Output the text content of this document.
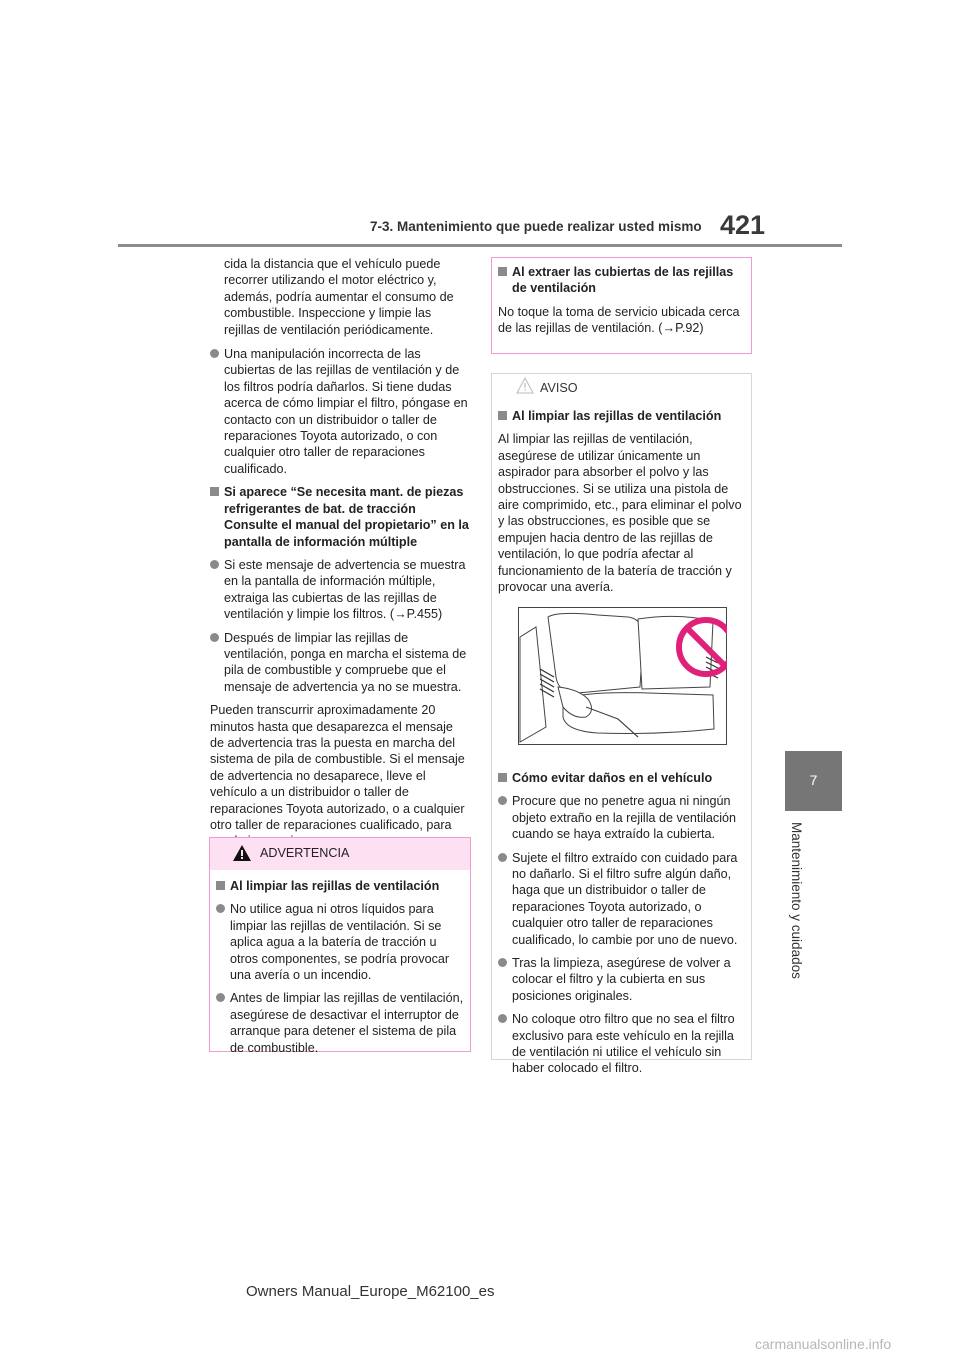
7-3. Mantenimiento que puede realizar usted mismo 421
7
Mantenimiento y cuidados

cida la distancia que el vehículo puede recorrer utilizando el motor eléctrico y, además, podría aumentar el consumo de combustible. Inspeccione y limpie las rejillas de ventilación periódicamente.

Una manipulación incorrecta de las cubiertas de las rejillas de ventilación y de los filtros podría dañarlos. Si tiene dudas acerca de cómo limpiar el filtro, póngase en contacto con un distribuidor o taller de reparaciones Toyota autorizado, o con cualquier otro taller de reparaciones cualificado.
Si aparece “Se necesita mant. de piezas refrigerantes de bat. de tracción Consulte el manual del propietario” en la pantalla de información múltiple
Si este mensaje de advertencia se muestra en la pantalla de información múltiple, extraiga las cubiertas de las rejillas de ventilación y limpie los filtros. (→P.455)
Después de limpiar las rejillas de ventilación, ponga en marcha el sistema de pila de combustible y compruebe que el mensaje de advertencia ya no se muestra.

Pueden transcurrir aproximadamente 20 minutos hasta que desaparezca el mensaje de advertencia tras la puesta en marcha del sistema de pila de combustible. Si el mensaje de advertencia no desaparece, lleve el vehículo a un distribuidor o taller de reparaciones Toyota autorizado, o a cualquier otro taller de reparaciones cualificado, para

ADVERTENCIA
Al limpiar las rejillas de ventilación
No utilice agua ni otros líquidos para limpiar las rejillas de ventilación. Si se aplica agua a la batería de tracción u otros componentes, se podría provocar una avería o un incendio.
Antes de limpiar las rejillas de ventilación, asegúrese de desactivar el interruptor de arranque para detener el sistema de pila de combustible.
Al extraer las cubiertas de las rejillas de ventilación

No toque la toma de servicio ubicada cerca de las rejillas de ventilación. (→P.92)

AVISO
Al limpiar las rejillas de ventilación

Al limpiar las rejillas de ventilación, asegúrese de utilizar únicamente un aspirador para absorber el polvo y las obstrucciones. Si se utiliza una pistola de aire comprimido, etc., para eliminar el polvo y las obstrucciones, es posible que se empujen hacia dentro de las rejillas de ventilación, lo que podría afectar al funcionamiento de la batería de tracción y provocar una avería.

Cómo evitar daños en el vehículo
Procure que no penetre agua ni ningún objeto extraño en la rejilla de ventilación cuando se haya extraído la cubierta.
Sujete el filtro extraído con cuidado para no dañarlo. Si el filtro sufre algún daño, haga que un distribuidor o taller de reparaciones Toyota autorizado, o cualquier otro taller de reparaciones cualificado, lo cambie por uno de nuevo.
Tras la limpieza, asegúrese de volver a colocar el filtro y la cubierta en sus posiciones originales.
No coloque otro filtro que no sea el filtro exclusivo para este vehículo en la rejilla de ventilación ni utilice el vehículo sin haber colocado el filtro.
Owners Manual_Europe_M62100_es
carmanualsonline.info
